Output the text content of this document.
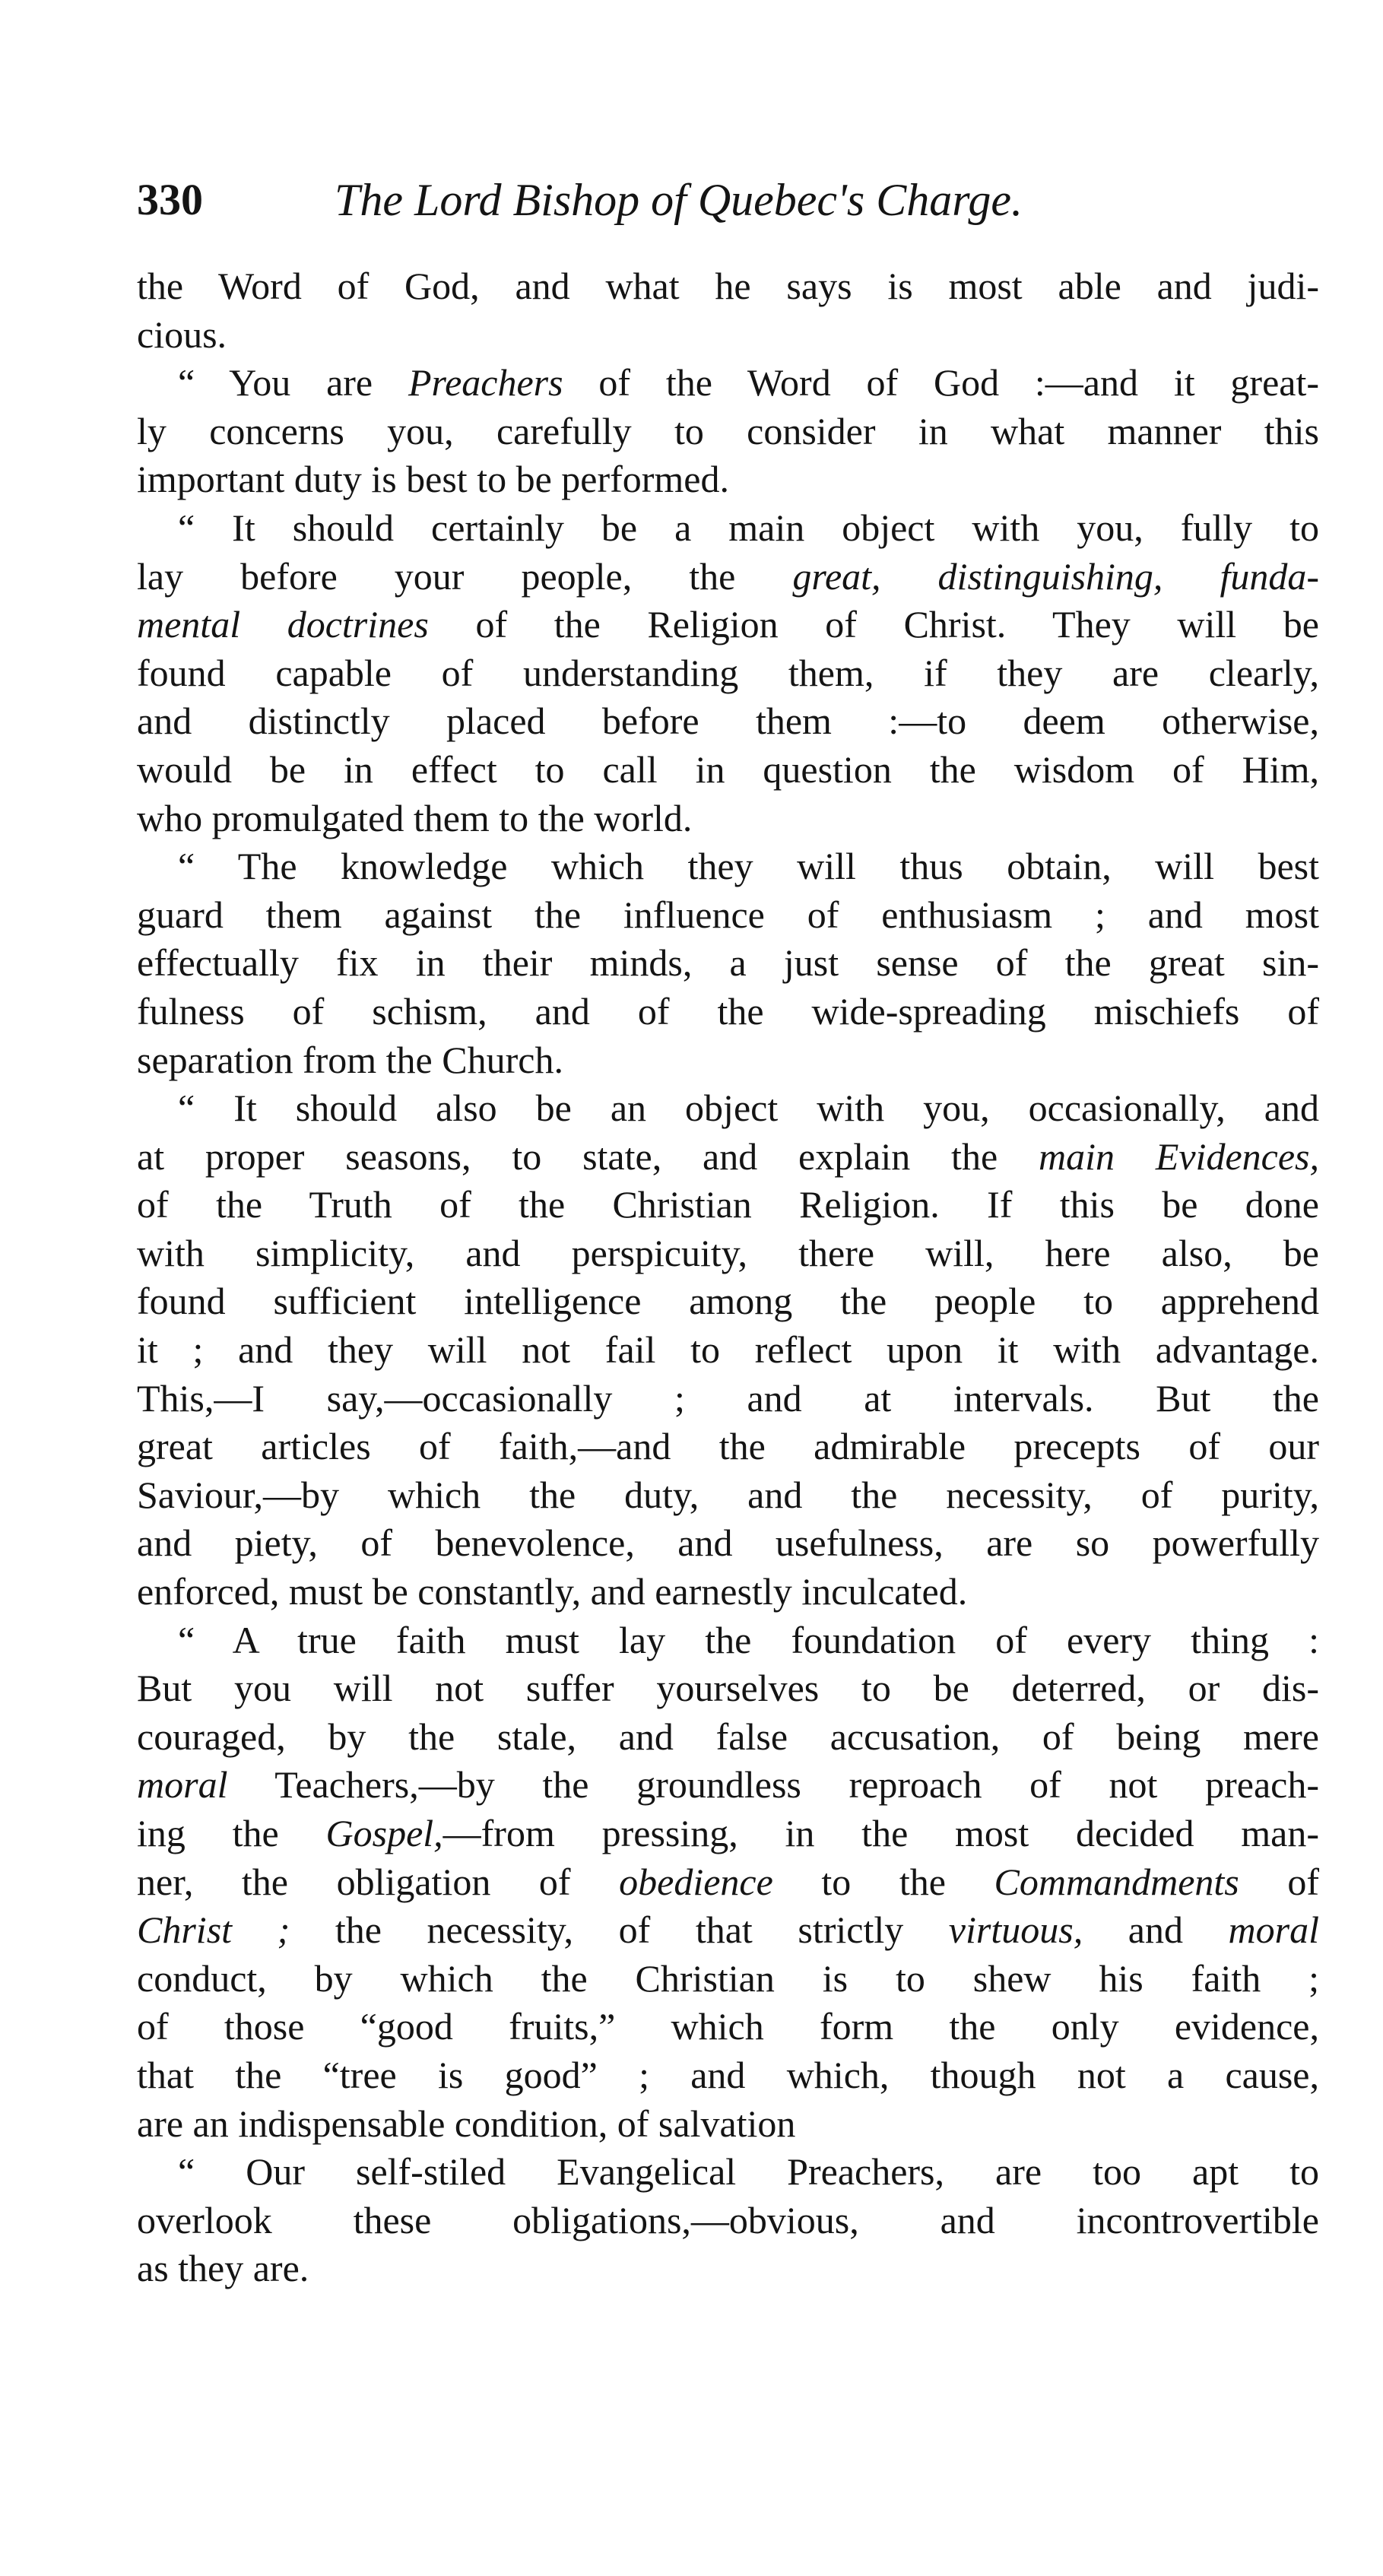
330	The Lord Bishop of Quebec's Charge.
the Word of God, and what he says is most able and judi-
cious.
“ You are Preachers of the Word of God :—and it great-
ly concerns you, carefully to consider in what manner this
important duty is best to be performed.
“ It should certainly be a main object with you, fully to
lay before your people, the great, distinguishing, funda-
mental doctrines of the Religion of Christ. They will be
found capable of understanding them, if they are clearly,
and distinctly placed before them :—to deem otherwise,
would be in effect to call in question the wisdom of Him,
who promulgated them to the world.
“ The knowledge which they will thus obtain, will best
guard them against the influence of enthusiasm ; and most
effectually fix in their minds, a just sense of the great sin-
fulness of schism, and of the wide-spreading mischiefs of
separation from the Church.
“ It should also be an object with you, occasionally, and
at proper seasons, to state, and explain the main Evidences,
of the Truth of the Christian Religion. If this be done
with simplicity, and perspicuity, there will, here also, be
found sufficient intelligence among the people to apprehend
it ; and they will not fail to reflect upon it with advantage.
This,—I say,—occasionally ; and at intervals. But the
great articles of faith,—and the admirable precepts of our
Saviour,—by which the duty, and the necessity, of purity,
and piety, of benevolence, and usefulness, are so powerfully
enforced, must be constantly, and earnestly inculcated.
“ A true faith must lay the foundation of every thing :
But you will not suffer yourselves to be deterred, or dis-
couraged, by the stale, and false accusation, of being mere
moral Teachers,—by the groundless reproach of not preach-
ing the Gospel,—from pressing, in the most decided man-
ner, the obligation of obedience to the Commandments of
Christ ; the necessity, of that strictly virtuous, and moral
conduct, by which the Christian is to shew his faith ;
of those “good fruits,” which form the only evidence,
that the “tree is good” ; and which, though not a cause,
are an indispensable condition, of salvation
“ Our self-stiled Evangelical Preachers, are too apt to
overlook these obligations,—obvious, and incontrovertible
as they are.
